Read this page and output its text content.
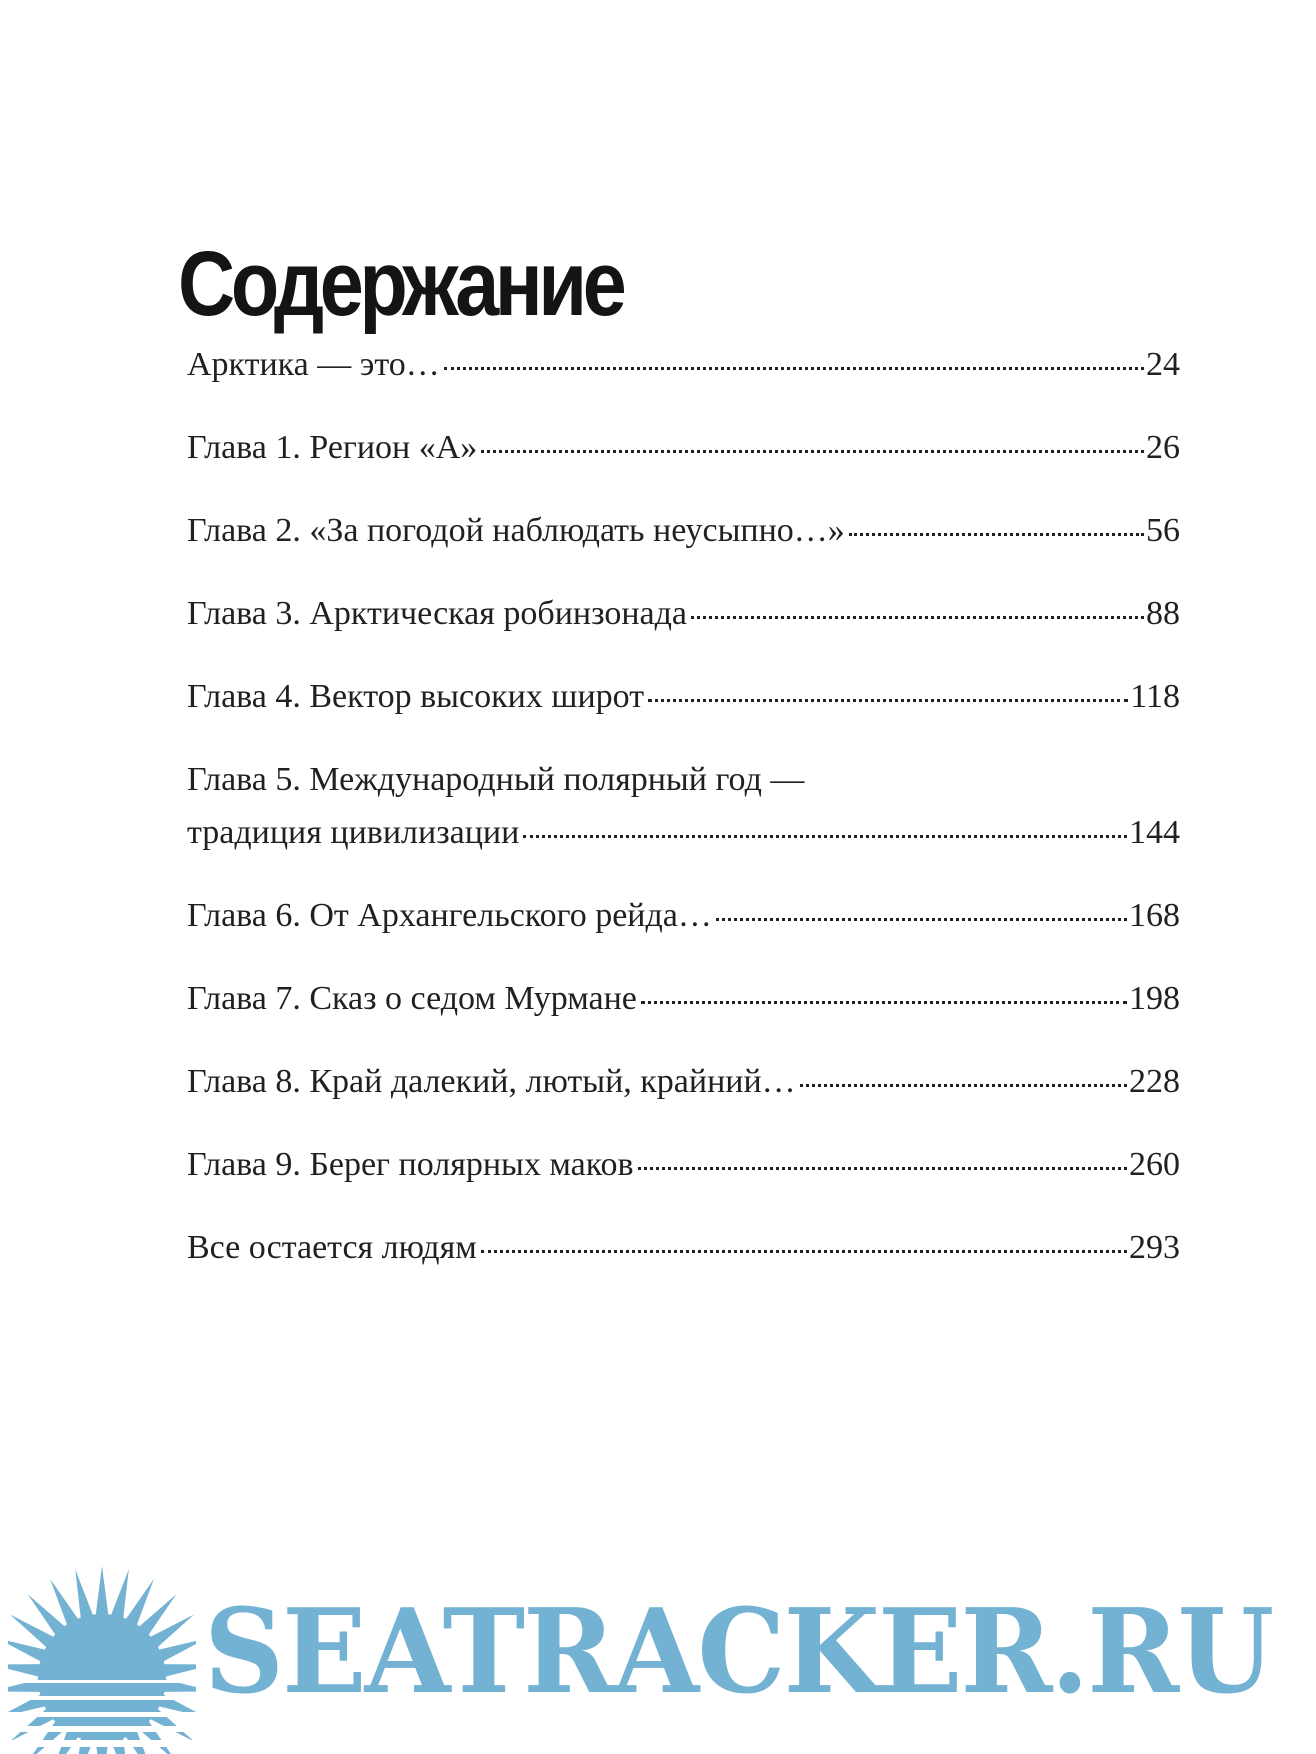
Содержание
Арктика — это…	24
Глава 1. Регион «А»	26
Глава 2. «За погодой наблюдать неусыпно…»	56
Глава 3. Арктическая робинзонада	88
Глава 4. Вектор высоких широт	118
Глава 5. Международный полярный год —
традиция цивилизации	144
Глава 6. От Архангельского рейда…	168
Глава 7. Сказ о седом Мурмане	198
Глава 8. Край далекий, лютый, крайний…	228
Глава 9. Берег полярных маков	260
Все остается людям	293
SEATRACKER.RU
